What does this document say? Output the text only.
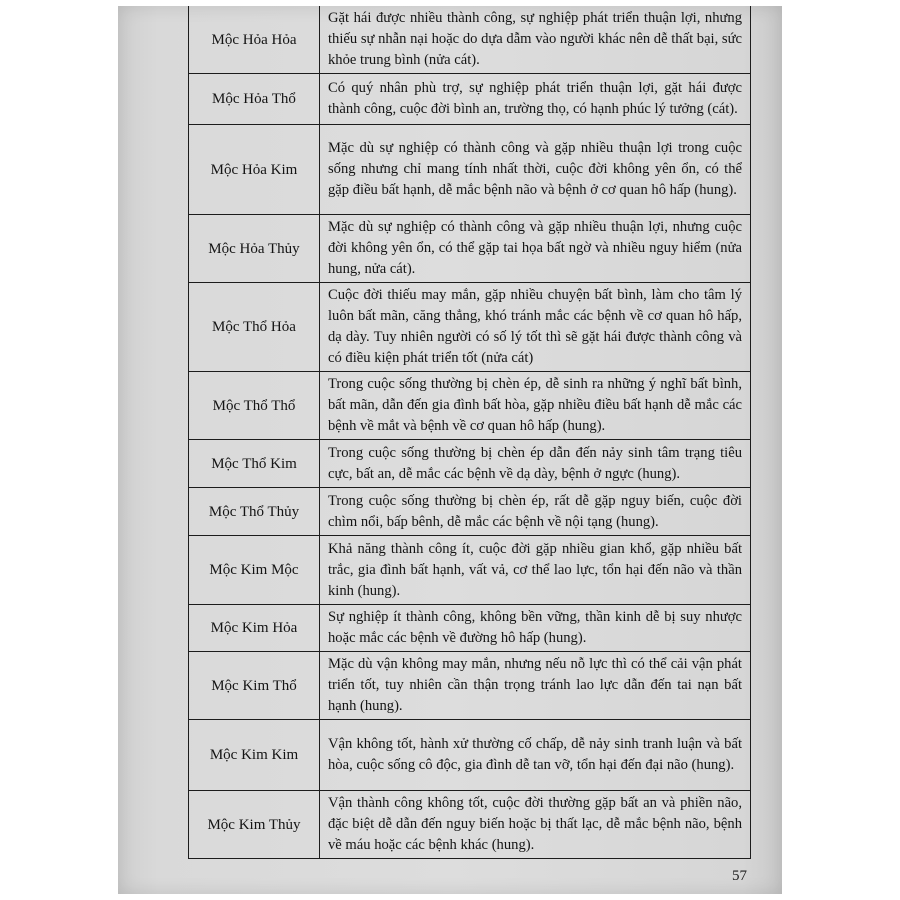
Mộc Hỏa Hỏa	Gặt hái được nhiều thành công, sự nghiệp phát triển thuận lợi, nhưng thiếu sự nhẫn nại hoặc do dựa dẫm vào người khác nên dễ thất bại, sức khỏe trung bình (nửa cát).
Mộc Hỏa Thổ	Có quý nhân phù trợ, sự nghiệp phát triển thuận lợi, gặt hái được thành công, cuộc đời bình an, trường thọ, có hạnh phúc lý tưởng (cát).
Mộc Hỏa Kim	Mặc dù sự nghiệp có thành công và gặp nhiều thuận lợi trong cuộc sống nhưng chỉ mang tính nhất thời, cuộc đời không yên ổn, có thể gặp điều bất hạnh, dễ mắc bệnh não và bệnh ở cơ quan hô hấp (hung).
Mộc Hỏa Thủy	Mặc dù sự nghiệp có thành công và gặp nhiều thuận lợi, nhưng cuộc đời không yên ổn, có thể gặp tai họa bất ngờ và nhiều nguy hiểm (nửa hung, nửa cát).
Mộc Thổ Hỏa	Cuộc đời thiếu may mắn, gặp nhiều chuyện bất bình, làm cho tâm lý luôn bất mãn, căng thẳng, khó tránh mắc các bệnh về cơ quan hô hấp, dạ dày. Tuy nhiên người có số lý tốt thì sẽ gặt hái được thành công và có điều kiện phát triển tốt (nửa cát)
Mộc Thổ Thổ	Trong cuộc sống thường bị chèn ép, dễ sinh ra những ý nghĩ bất bình, bất mãn, dẫn đến gia đình bất hòa, gặp nhiều điều bất hạnh dễ mắc các bệnh về mắt và bệnh về cơ quan hô hấp (hung).
Mộc Thổ Kim	Trong cuộc sống thường bị chèn ép dẫn đến nảy sinh tâm trạng tiêu cực, bất an, dễ mắc các bệnh về dạ dày, bệnh ở ngực (hung).
Mộc Thổ Thủy	Trong cuộc sống thường bị chèn ép, rất dễ gặp nguy biến, cuộc đời chìm nổi, bấp bênh, dễ mắc các bệnh về nội tạng (hung).
Mộc Kim Mộc	Khả năng thành công ít, cuộc đời gặp nhiều gian khổ, gặp nhiều bất trắc, gia đình bất hạnh, vất vả, cơ thể lao lực, tổn hại đến não và thần kinh (hung).
Mộc Kim Hỏa	Sự nghiệp ít thành công, không bền vững, thần kinh dễ bị suy nhược hoặc mắc các bệnh về đường hô hấp (hung).
Mộc Kim Thổ	Mặc dù vận không may mắn, nhưng nếu nỗ lực thì có thể cải vận phát triển tốt, tuy nhiên cần thận trọng tránh lao lực dẫn đến tai nạn bất hạnh (hung).
Mộc Kim Kim	Vận không tốt, hành xử thường cố chấp, dễ nảy sinh tranh luận và bất hòa, cuộc sống cô độc, gia đình dễ tan vỡ, tổn hại đến đại não (hung).
Mộc Kim Thủy	Vận thành công không tốt, cuộc đời thường gặp bất an và phiền não, đặc biệt dễ dẫn đến nguy biến hoặc bị thất lạc, dễ mắc bệnh não, bệnh về máu hoặc các bệnh khác (hung).
57
